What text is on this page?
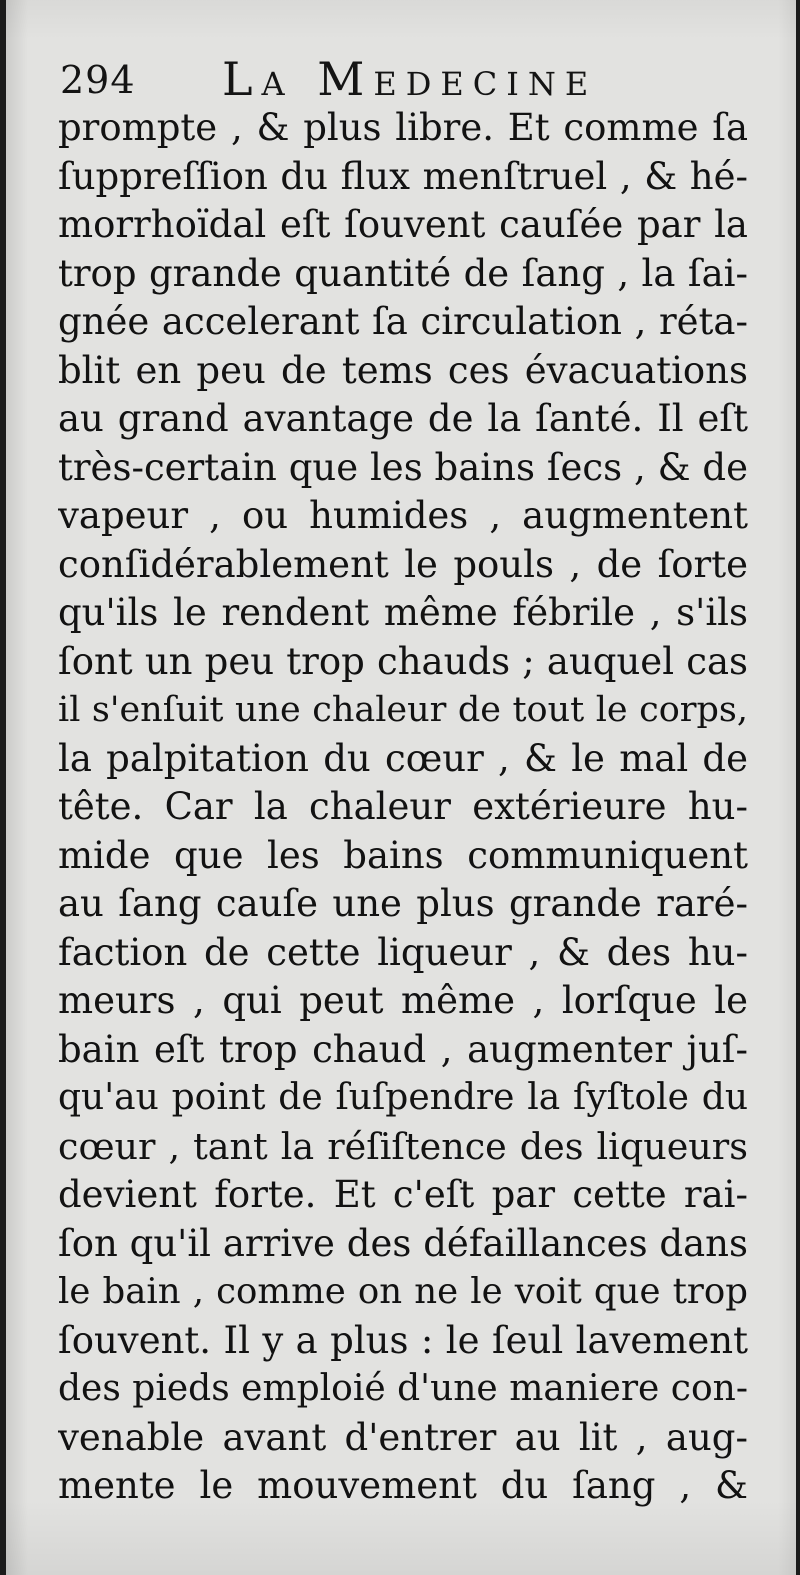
294 La Medecine
prompte , & plus libre. Et comme ſa
ſuppreſſion du flux menſtruel , & hé-
morrhoïdal eſt ſouvent cauſée par la
trop grande quantité de ſang , la ſai-
gnée accelerant ſa circulation , réta-
blit en peu de tems ces évacuations
au grand avantage de la ſanté. Il eſt
très-certain que les bains ſecs , & de
vapeur , ou humides , augmentent
conſidérablement le pouls , de ſorte
qu'ils le rendent même fébrile , s'ils
ſont un peu trop chauds ; auquel cas
il s'enſuit une chaleur de tout le corps,
la palpitation du cœur , & le mal de
tête. Car la chaleur extérieure hu-
mide que les bains communiquent
au ſang cauſe une plus grande raré-
faction de cette liqueur , & des hu-
meurs , qui peut même , lorſque le
bain eſt trop chaud , augmenter juſ-
qu'au point de ſuſpendre la ſyſtole du
cœur , tant la réſiſtence des liqueurs
devient forte. Et c'eſt par cette rai-
ſon qu'il arrive des défaillances dans
le bain , comme on ne le voit que trop
ſouvent. Il y a plus : le ſeul lavement
des pieds emploié d'une maniere con-
venable avant d'entrer au lit , aug-
mente le mouvement du ſang , &
